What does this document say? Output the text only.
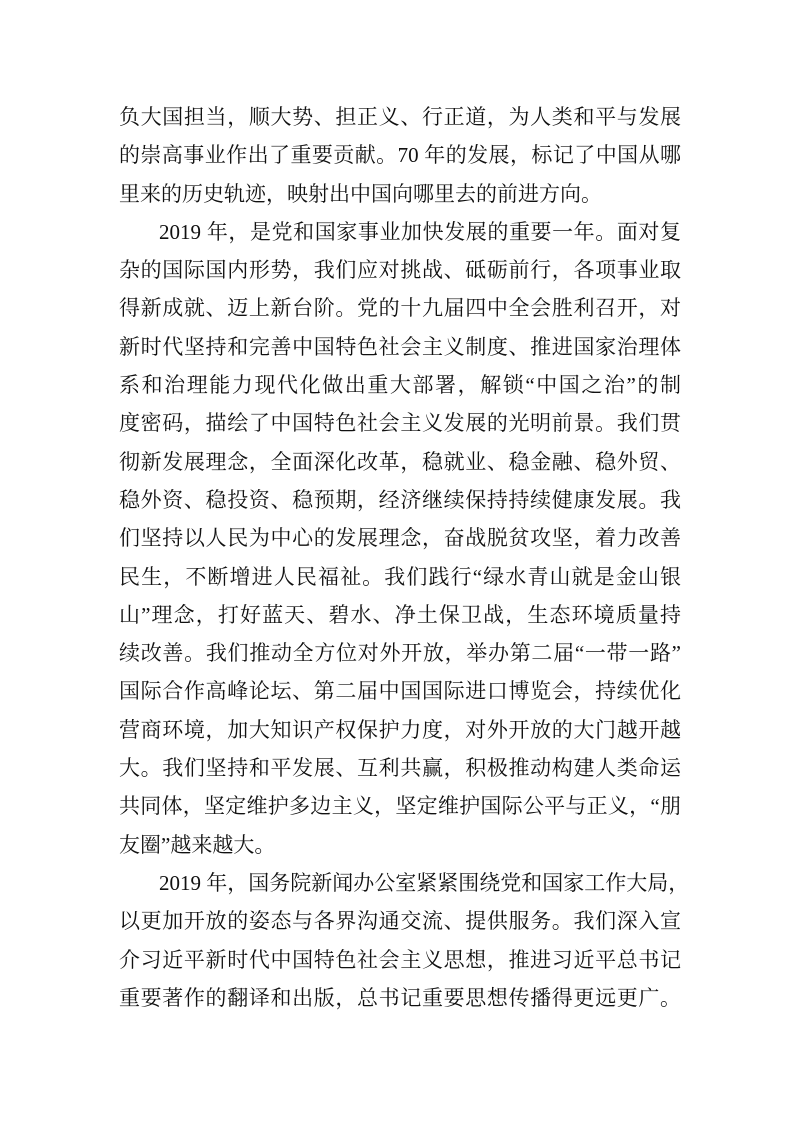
负大国担当，顺大势、担正义、行正道，为人类和平与发展
的崇高事业作出了重要贡献。70 年的发展，标记了中国从哪
里来的历史轨迹，映射出中国向哪里去的前进方向。
2019 年，是党和国家事业加快发展的重要一年。面对复
杂的国际国内形势，我们应对挑战、砥砺前行，各项事业取
得新成就、迈上新台阶。党的十九届四中全会胜利召开，对
新时代坚持和完善中国特色社会主义制度、推进国家治理体
系和治理能力现代化做出重大部署，解锁“中国之治”的制
度密码，描绘了中国特色社会主义发展的光明前景。我们贯
彻新发展理念，全面深化改革，稳就业、稳金融、稳外贸、
稳外资、稳投资、稳预期，经济继续保持持续健康发展。我
们坚持以人民为中心的发展理念，奋战脱贫攻坚，着力改善
民生，不断增进人民福祉。我们践行“绿水青山就是金山银
山”理念，打好蓝天、碧水、净土保卫战，生态环境质量持
续改善。我们推动全方位对外开放，举办第二届“一带一路”
国际合作高峰论坛、第二届中国国际进口博览会，持续优化
营商环境，加大知识产权保护力度，对外开放的大门越开越
大。我们坚持和平发展、互利共赢，积极推动构建人类命运
共同体，坚定维护多边主义，坚定维护国际公平与正义，“朋
友圈”越来越大。
2019 年，国务院新闻办公室紧紧围绕党和国家工作大局，
以更加开放的姿态与各界沟通交流、提供服务。我们深入宣
介习近平新时代中国特色社会主义思想，推进习近平总书记
重要著作的翻译和出版，总书记重要思想传播得更远更广。
